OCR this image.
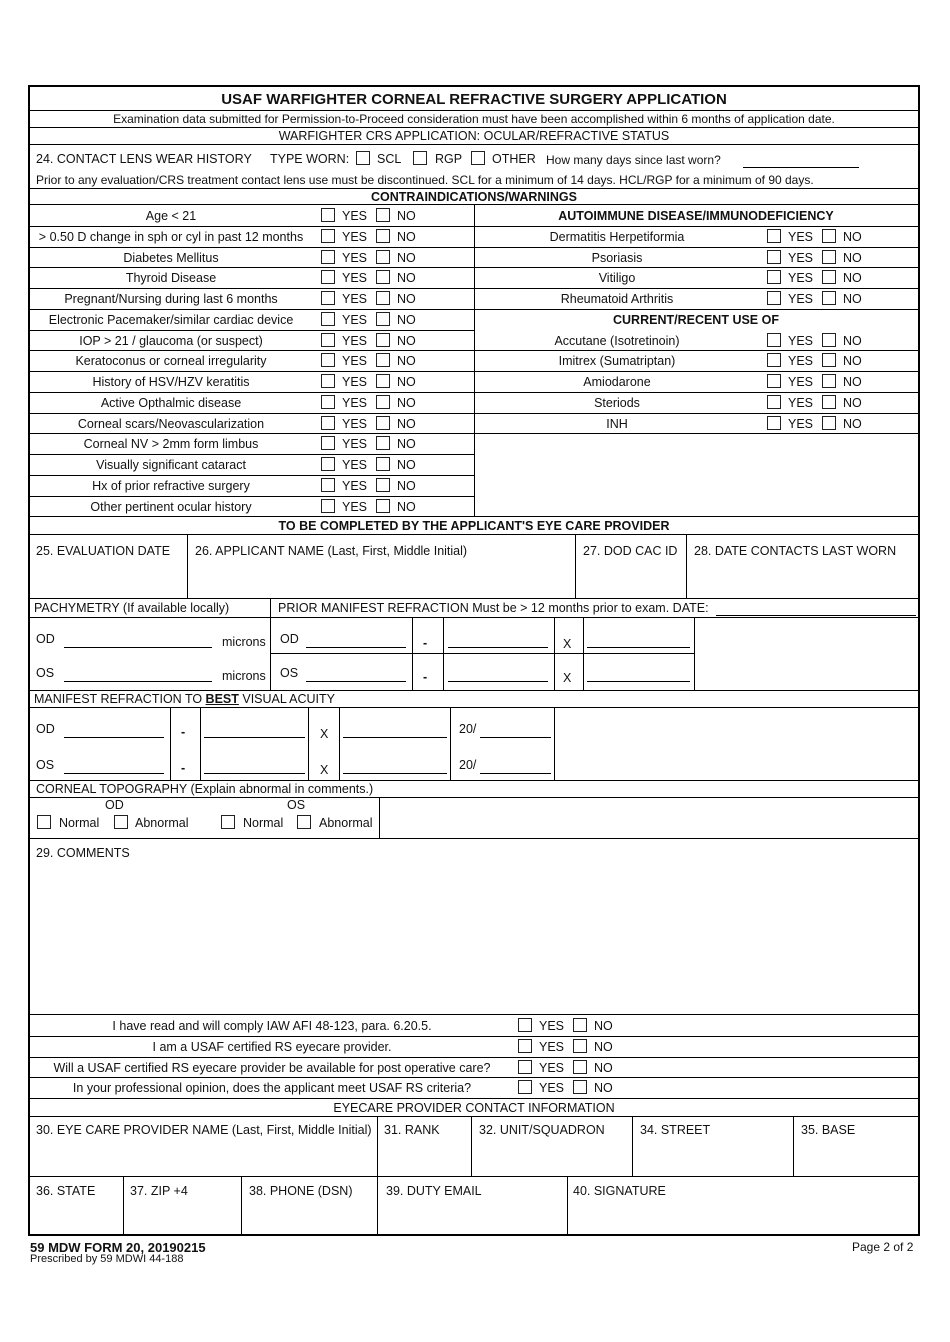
USAF WARFIGHTER CORNEAL REFRACTIVE SURGERY APPLICATION
Examination data submitted for Permission-to-Proceed consideration must have been accomplished within 6 months of application date.
WARFIGHTER CRS APPLICATION: OCULAR/REFRACTIVE STATUS
24. CONTACT LENS WEAR HISTORY TYPE WORN: SCL	RGP OTHER How many days since last worn?
Prior to any evaluation/CRS treatment contact lens use must be discontinued. SCL for a minimum of 14 days. HCL/RGP for a minimum of 90 days.
CONTRAINDICATIONS/WARNINGS
Age < 21	YES NO
> 0.50 D change in sph or cyl in past 12 months	YES NO
Diabetes Mellitus	YES NO
Thyroid Disease	YES NO
Pregnant/Nursing during last 6 months	YES NO
Electronic Pacemaker/similar cardiac device	YES NO
IOP > 21 / glaucoma (or suspect)	YES NO
Keratoconus or corneal irregularity	YES NO
History of HSV/HZV keratitis	YES NO
Active Opthalmic disease	YES NO
Corneal scars/Neovascularization	YES NO
Corneal NV > 2mm form limbus	YES NO
Visually significant cataract	YES NO
Hx of prior refractive surgery	YES NO
Other pertinent ocular history	YES NO
AUTOIMMUNE DISEASE/IMMUNODEFICIENCY
Dermatitis Herpetiformia	YES NO
Psoriasis	YES NO
Vitiligo	YES NO
Rheumatoid Arthritis	YES NO
CURRENT/RECENT USE OF
Accutane (Isotretinoin)	YES NO
Imitrex (Sumatriptan)	YES NO
Amiodarone	YES NO
Steriods	YES NO
INH	YES NO
TO BE COMPLETED BY THE APPLICANT'S EYE CARE PROVIDER
25. EVALUATION DATE 26. APPLICANT NAME (Last, First, Middle Initial)	27. DOD CAC ID 28. DATE CONTACTS LAST WORN
PACHYMETRY (If available locally)	PRIOR MANIFEST REFRACTION Must be > 12 months prior to exam. DATE:
OD	microns OD	-	X
OS	microns OS	-	X
MANIFEST REFRACTION TO BEST VISUAL ACUITY
OD	-	X	20/
OS	-	X	20/
CORNEAL TOPOGRAPHY (Explain abnormal in comments.)
OD	OS
Normal	Abnormal	Normal	Abnormal
29. COMMENTS
I have read and will comply IAW AFI 48-123, para. 6.20.5.	YES NO
I am a USAF certified RS eyecare provider.	YES NO
Will a USAF certified RS eyecare provider be available for post operative care?	YES NO
In your professional opinion, does the applicant meet USAF RS criteria?	YES NO
EYECARE PROVIDER CONTACT INFORMATION
30. EYE CARE PROVIDER NAME (Last, First, Middle Initial) 31. RANK	32. UNIT/SQUADRON	34. STREET	35. BASE
36. STATE	37. ZIP +4	38. PHONE (DSN)	39. DUTY EMAIL	40. SIGNATURE
59 MDW FORM 20, 20190215
Prescribed by 59 MDWI 44-188
Page 2 of 2
